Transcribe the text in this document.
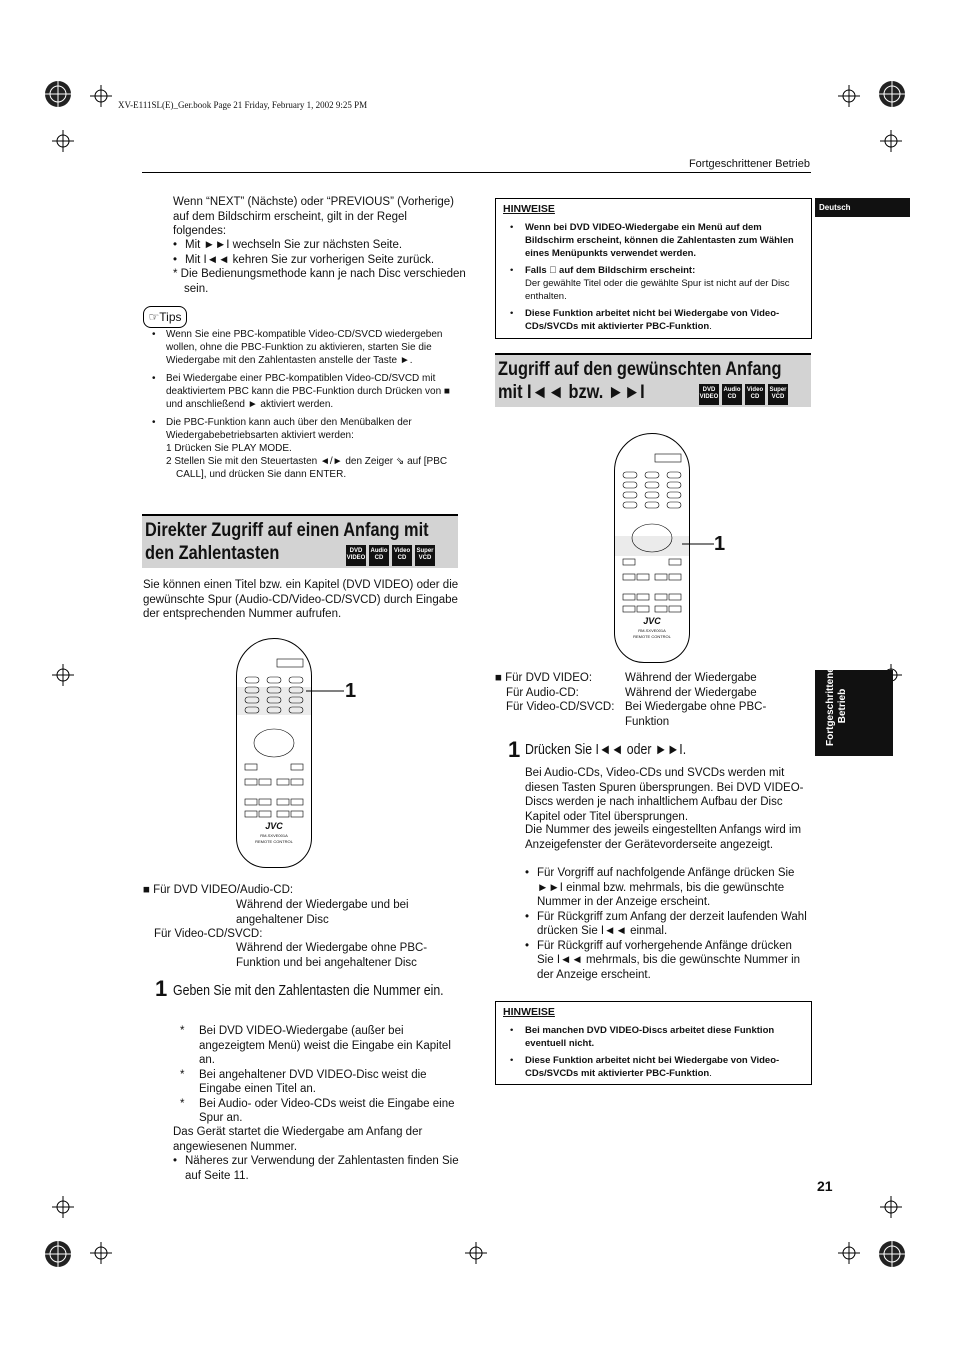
XV-E111SL(E)_Ger.book Page 21 Friday, February 1, 2002 9:25 PM
Fortgeschrittener Betrieb
Deutsch
Fortgeschrittener Betrieb
21
Wenn “NEXT” (Nächste) oder “PREVIOUS” (Vorherige) auf dem Bildschirm erscheint, gilt in der Regel folgendes:
• Mit ►►I wechseln Sie zur nächsten Seite.
• Mit I◄◄ kehren Sie zur vorherigen Seite zurück.
* Die Bedienungsmethode kann je nach Disc verschieden sein.
☞Tips
• Wenn Sie eine PBC-kompatible Video-CD/SVCD wiedergeben wollen, ohne die PBC-Funktion zu aktivieren, starten Sie die Wiedergabe mit den Zahlentasten anstelle der Taste ►.
• Bei Wiedergabe einer PBC-kompatiblen Video-CD/SVCD mit deaktiviertem PBC kann die PBC-Funktion durch Drücken von ■ und anschließend ► aktiviert werden.
• Die PBC-Funktion kann auch über den Menübalken der Wiedergabebetriebsarten aktiviert werden:
1 Drücken Sie PLAY MODE.
2 Stellen Sie mit den Steuertasten ◄/► den Zeiger ⇘ auf [PBC CALL], und drücken Sie dann ENTER.
Direkter Zugriff auf einen Anfang mit den Zahlentasten	DVD VIDEO
Audio CD
Video CD
Super VCD
Sie können einen Titel bzw. ein Kapitel (DVD VIDEO) oder die gewünschte Spur (Audio-CD/Video-CD/SVCD) durch Eingabe der entsprechenden Nummer aufrufen.
JVC
RM-SXVE001A
REMOTE CONTROL
1
■ Für DVD VIDEO/Audio-CD:
Während der Wiedergabe und bei angehaltener Disc
Für Video-CD/SVCD:
Während der Wiedergabe ohne PBC-Funktion und bei angehaltener Disc
1 Geben Sie mit den Zahlentasten die Nummer ein.
* Bei DVD VIDEO-Wiedergabe (außer bei angezeigtem Menü) weist die Eingabe ein Kapitel an.
* Bei angehaltener DVD VIDEO-Disc weist die Eingabe einen Titel an.
* Bei Audio- oder Video-CDs weist die Eingabe eine Spur an.
Das Gerät startet die Wiedergabe am Anfang der angewiesenen Nummer.
• Näheres zur Verwendung der Zahlentasten finden Sie auf Seite 11.
HINWEISE
• Wenn bei DVD VIDEO-Wiedergabe ein Menü auf dem Bildschirm erscheint, können die Zahlentasten zum Wählen eines Menüpunkts verwendet werden.
• Falls ⃠ auf dem Bildschirm erscheint:
Der gewählte Titel oder die gewählte Spur ist nicht auf der Disc enthalten.
• Diese Funktion arbeitet nicht bei Wiedergabe von Video-CDs/SVCDs mit aktivierter PBC-Funktion.
Zugriff auf den gewünschten Anfang
mit I◄◄ bzw. ►►I	DVD VIDEO
Audio CD
Video CD
Super VCD
JVC
RM-SXVE001A
REMOTE CONTROL
1
■ Für DVD VIDEO:	Während der Wiedergabe
Für Audio-CD:	Während der Wiedergabe
Für Video-CD/SVCD: Bei Wiedergabe ohne PBC-Funktion
1 Drücken Sie I◄◄ oder ►►I.
Bei Audio-CDs, Video-CDs und SVCDs werden mit diesen Tasten Spuren übersprungen. Bei DVD VIDEO-Discs werden je nach inhaltlichem Aufbau der Disc Kapitel oder Titel übersprungen.
Die Nummer des jeweils eingestellten Anfangs wird im Anzeigefenster der Gerätevorderseite angezeigt.
• Für Vorgriff auf nachfolgende Anfänge drücken Sie ►►I einmal bzw. mehrmals, bis die gewünschte Nummer in der Anzeige erscheint.
• Für Rückgriff zum Anfang der derzeit laufenden Wahl drücken Sie I◄◄ einmal.
• Für Rückgriff auf vorhergehende Anfänge drücken Sie I◄◄ mehrmals, bis die gewünschte Nummer in der Anzeige erscheint.
HINWEISE
• Bei manchen DVD VIDEO-Discs arbeitet diese Funktion eventuell nicht.
• Diese Funktion arbeitet nicht bei Wiedergabe von Video-CDs/SVCDs mit aktivierter PBC-Funktion.
